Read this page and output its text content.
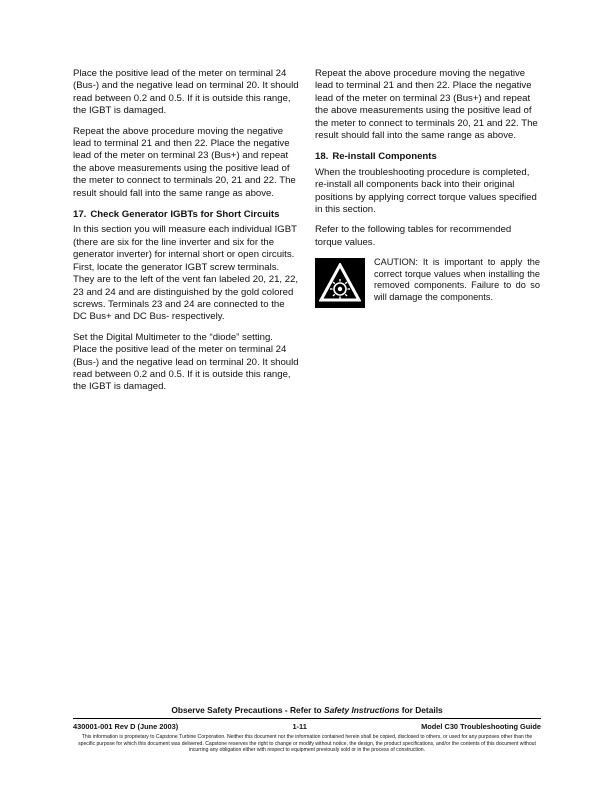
Place the positive lead of the meter on terminal 24 (Bus-) and the negative lead on terminal 20. It should read between 0.2 and 0.5. If it is outside this range, the IGBT is damaged.

Repeat the above procedure moving the negative lead to terminal 21 and then 22. Place the negative lead of the meter on terminal 23 (Bus+) and repeat the above measurements using the positive lead of the meter to connect to terminals 20, 21 and 22. The result should fall into the same range as above.

17. Check Generator IGBTs for Short Circuits

In this section you will measure each individual IGBT (there are six for the line inverter and six for the generator inverter) for internal short or open circuits. First, locate the generator IGBT screw terminals. They are to the left of the vent fan labeled 20, 21, 22, 23 and 24 and are distinguished by the gold colored screws. Terminals 23 and 24 are connected to the DC Bus+ and DC Bus- respectively.

Set the Digital Multimeter to the “diode” setting. Place the positive lead of the meter on terminal 24 (Bus-) and the negative lead on terminal 20. It should read between 0.2 and 0.5. If it is outside this range, the IGBT is damaged.

Repeat the above procedure moving the negative lead to terminal 21 and then 22. Place the negative lead of the meter on terminal 23 (Bus+) and repeat the above measurements using the positive lead of the meter to connect to terminals 20, 21 and 22. The result should fall into the same range as above.

18. Re-install Components

When the troubleshooting procedure is completed, re-install all components back into their original positions by applying correct torque values specified in this section.

Refer to the following tables for recommended torque values.

CAUTION: It is important to apply the correct torque values when installing the removed components. Failure to do so will damage the components.

Observe Safety Precautions - Refer to Safety Instructions for Details
430001-001 Rev D (June 2003)	1-11	Model C30 Troubleshooting Guide
This information is proprietary to Capstone Turbine Corporation. Neither this document nor the information contained herein shall be copied, disclosed to others, or used for any purposes other than the specific purpose for which this document was delivered. Capstone reserves the right to change or modify without notice, the design, the product specifications, and/or the contents of this document without incurring any obligation either with respect to equipment previously sold or in the process of construction.
